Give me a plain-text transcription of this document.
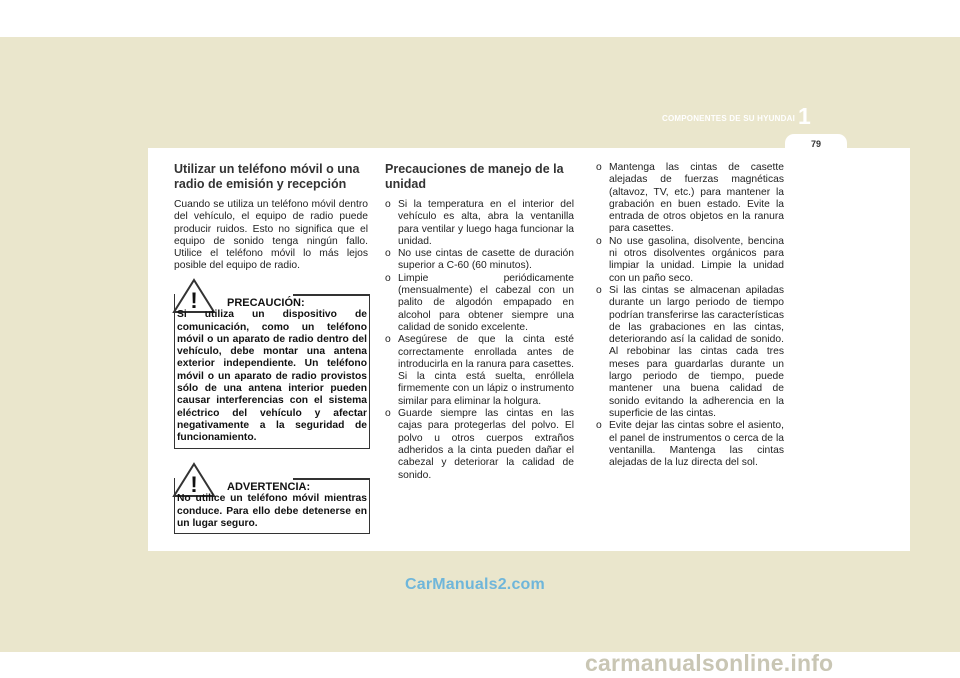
COMPONENTES DE SU HYUNDAI 1
79
Utilizar un teléfono móvil o una radio de emisión y recepción

Cuando se utiliza un teléfono móvil dentro del vehículo, el equipo de radio puede producir ruidos. Esto no significa que el equipo de sonido tenga ningún fallo. Utilice el teléfono móvil lo más lejos posible del equipo de radio.

!	PRECAUCIÓN:
Si utiliza un dispositivo de comunicación, como un teléfono móvil o un aparato de radio dentro del vehículo, debe montar una antena exterior independiente. Un teléfono móvil o un aparato de radio provistos sólo de una antena interior pueden causar interferencias con el sistema eléctrico del vehículo y afectar negativamente a la seguridad de funcionamiento.
!	ADVERTENCIA:
No utilice un teléfono móvil mientras conduce. Para ello debe detenerse en un lugar seguro.
Precauciones de manejo de la unidad
o Si la temperatura en el interior del vehículo es alta, abra la ventanilla para ventilar y luego haga funcionar la unidad.
o No use cintas de casette de duración superior a C-60 (60 minutos).
o Limpie periódicamente (mensualmente) el cabezal con un palito de algodón empapado en alcohol para obtener siempre una calidad de sonido excelente.
o Asegúrese de que la cinta esté correctamente enrollada antes de introducirla en la ranura para casettes. Si la cinta está suelta, enróllela firmemente con un lápiz o instrumento similar para eliminar la holgura.
o Guarde siempre las cintas en las cajas para protegerlas del polvo. El polvo u otros cuerpos extraños adheridos a la cinta pueden dañar el cabezal y deteriorar la calidad de sonido.
o Mantenga las cintas de casette alejadas de fuerzas magnéticas (altavoz, TV, etc.) para mantener la grabación en buen estado. Evite la entrada de otros objetos en la ranura para casettes.
o No use gasolina, disolvente, bencina ni otros disolventes orgánicos para limpiar la unidad. Limpie la unidad con un paño seco.
o Si las cintas se almacenan apiladas durante un largo periodo de tiempo podrían transferirse las características de las grabaciones en las cintas, deteriorando así la calidad de sonido. Al rebobinar las cintas cada tres meses para guardarlas durante un largo periodo de tiempo, puede mantener una buena calidad de sonido evitando la adherencia en la superficie de las cintas.
o Evite dejar las cintas sobre el asiento, el panel de instrumentos o cerca de la ventanilla. Mantenga las cintas alejadas de la luz directa del sol.
CarManuals2.com
carmanualsonline.info
